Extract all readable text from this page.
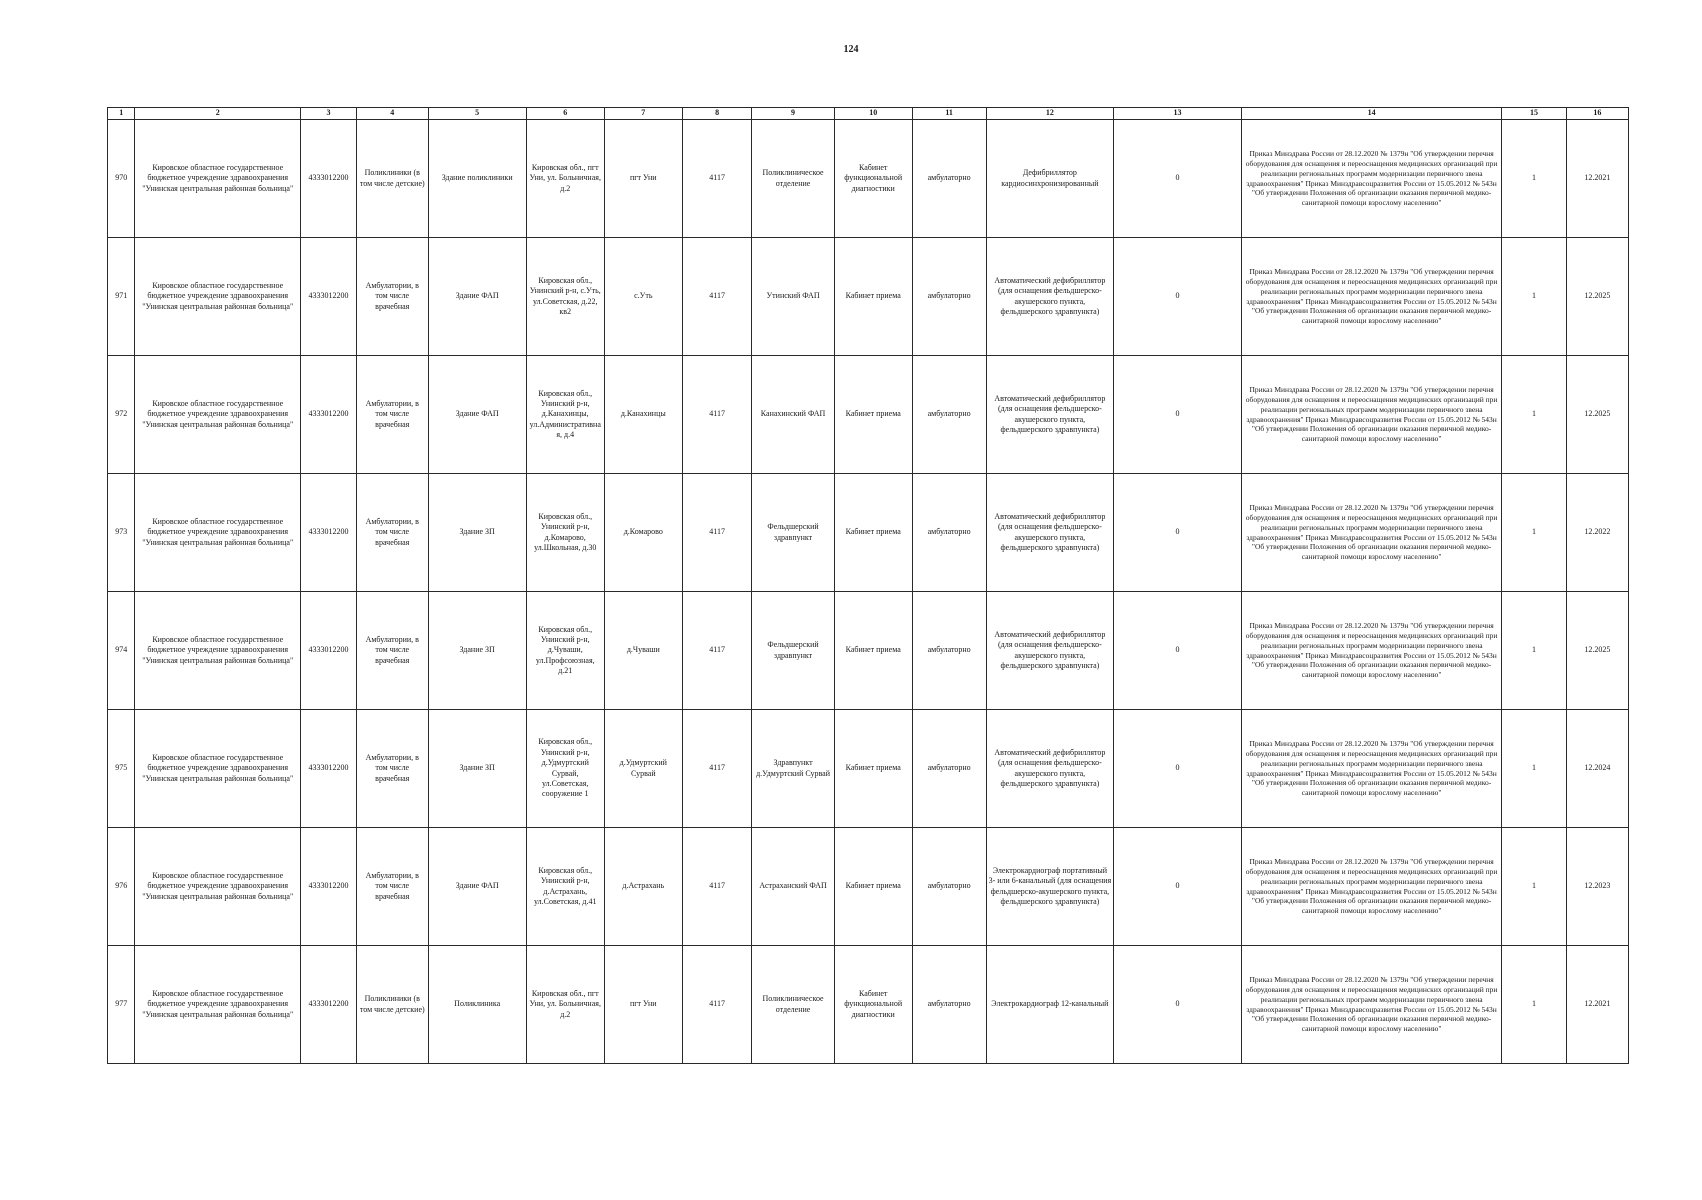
124
1	2	3	4	5	6	7	8	9	10	11	12	13	14	15	16
970	Кировское областное государственное бюджетное учреждение здравоохранения "Унинская центральная районная больница"	4333012200	Поликлиники (в том числе детские)	Здание поликлиники	Кировская обл., пгт Уни, ул. Больничная, д.2	пгт Уни	4117	Поликлиническое отделение	Кабинет функциональной диагностики	амбулаторно	Дефибриллятор кардиосинхронизированный	0	Приказ Минздрава России от 28.12.2020 № 1379н "Об утверждении перечня оборудования для оснащения и переоснащения медицинских организаций при реализации региональных программ модернизации первичного звена здравоохранения" Приказ Минздравсоцразвития России от 15.05.2012 № 543н "Об утверждении Положения об организации оказания первичной медико-санитарной помощи взрослому населению"	1	12.2021
971	Кировское областное государственное бюджетное учреждение здравоохранения "Унинская центральная районная больница"	4333012200	Амбулатории, в том числе врачебная	Здание ФАП	Кировская обл., Унинский р-н, с.Уть, ул.Советская, д.22, кв2	с.Уть	4117	Утинский ФАП	Кабинет приема	амбулаторно	Автоматический дефибриллятор (для оснащения фельдшерско-акушерского пункта, фельдшерского здравпункта)	0	Приказ Минздрава России от 28.12.2020 № 1379н "Об утверждении перечня оборудования для оснащения и переоснащения медицинских организаций при реализации региональных программ модернизации первичного звена здравоохранения" Приказ Минздравсоцразвития России от 15.05.2012 № 543н "Об утверждении Положения об организации оказания первичной медико-санитарной помощи взрослому населению"	1	12.2025
972	Кировское областное государственное бюджетное учреждение здравоохранения "Унинская центральная районная больница"	4333012200	Амбулатории, в том числе врачебная	Здание ФАП	Кировская обл., Унинский р-н, д.Канахинцы, ул.Административная, д.4	д.Канахинцы	4117	Канахинский ФАП	Кабинет приема	амбулаторно	Автоматический дефибриллятор (для оснащения фельдшерско-акушерского пункта, фельдшерского здравпункта)	0	Приказ Минздрава России от 28.12.2020 № 1379н "Об утверждении перечня оборудования для оснащения и переоснащения медицинских организаций при реализации региональных программ модернизации первичного звена здравоохранения" Приказ Минздравсоцразвития России от 15.05.2012 № 543н "Об утверждении Положения об организации оказания первичной медико-санитарной помощи взрослому населению"	1	12.2025
973	Кировское областное государственное бюджетное учреждение здравоохранения "Унинская центральная районная больница"	4333012200	Амбулатории, в том числе врачебная	Здание ЗП	Кировская обл., Унинский р-н, д.Комарово, ул.Школьная, д.30	д.Комарово	4117	Фельдшерский здравпункт	Кабинет приема	амбулаторно	Автоматический дефибриллятор (для оснащения фельдшерско-акушерского пункта, фельдшерского здравпункта)	0	Приказ Минздрава России от 28.12.2020 № 1379н "Об утверждении перечня оборудования для оснащения и переоснащения медицинских организаций при реализации региональных программ модернизации первичного звена здравоохранения" Приказ Минздравсоцразвития России от 15.05.2012 № 543н "Об утверждении Положения об организации оказания первичной медико-санитарной помощи взрослому населению"	1	12.2022
974	Кировское областное государственное бюджетное учреждение здравоохранения "Унинская центральная районная больница"	4333012200	Амбулатории, в том числе врачебная	Здание ЗП	Кировская обл., Унинский р-н, д.Чуваши, ул.Профсоюзная, д.21	д.Чуваши	4117	Фельдшерский здравпункт	Кабинет приема	амбулаторно	Автоматический дефибриллятор (для оснащения фельдшерско-акушерского пункта, фельдшерского здравпункта)	0	Приказ Минздрава России от 28.12.2020 № 1379н "Об утверждении перечня оборудования для оснащения и переоснащения медицинских организаций при реализации региональных программ модернизации первичного звена здравоохранения" Приказ Минздравсоцразвития России от 15.05.2012 № 543н "Об утверждении Положения об организации оказания первичной медико-санитарной помощи взрослому населению"	1	12.2025
975	Кировское областное государственное бюджетное учреждение здравоохранения "Унинская центральная районная больница"	4333012200	Амбулатории, в том числе врачебная	Здание ЗП	Кировская обл., Унинский р-н, д.Удмуртский Сурвай, ул.Советская, сооружение 1	д.Удмуртский Сурвай	4117	Здравпункт д.Удмуртский Сурвай	Кабинет приема	амбулаторно	Автоматический дефибриллятор (для оснащения фельдшерско-акушерского пункта, фельдшерского здравпункта)	0	Приказ Минздрава России от 28.12.2020 № 1379н "Об утверждении перечня оборудования для оснащения и переоснащения медицинских организаций при реализации региональных программ модернизации первичного звена здравоохранения" Приказ Минздравсоцразвития России от 15.05.2012 № 543н "Об утверждении Положения об организации оказания первичной медико-санитарной помощи взрослому населению"	1	12.2024
976	Кировское областное государственное бюджетное учреждение здравоохранения "Унинская центральная районная больница"	4333012200	Амбулатории, в том числе врачебная	Здание ФАП	Кировская обл., Унинский р-н, д.Астрахань, ул.Советская, д.41	д.Астрахань	4117	Астраханский ФАП	Кабинет приема	амбулаторно	Электрокардиограф портативный 3- или 6-канальный (для оснащения фельдшерско-акушерского пункта, фельдшерского здравпункта)	0	Приказ Минздрава России от 28.12.2020 № 1379н "Об утверждении перечня оборудования для оснащения и переоснащения медицинских организаций при реализации региональных программ модернизации первичного звена здравоохранения" Приказ Минздравсоцразвития России от 15.05.2012 № 543н "Об утверждении Положения об организации оказания первичной медико-санитарной помощи взрослому населению"	1	12.2023
977	Кировское областное государственное бюджетное учреждение здравоохранения "Унинская центральная районная больница"	4333012200	Поликлиники (в том числе детские)	Поликлиника	Кировская обл., пгт Уни, ул. Больничная, д.2	пгт Уни	4117	Поликлиническое отделение	Кабинет функциональной диагностики	амбулаторно	Электрокардиограф 12-канальный	0	Приказ Минздрава России от 28.12.2020 № 1379н "Об утверждении перечня оборудования для оснащения и переоснащения медицинских организаций при реализации региональных программ модернизации первичного звена здравоохранения" Приказ Минздравсоцразвития России от 15.05.2012 № 543н "Об утверждении Положения об организации оказания первичной медико-санитарной помощи взрослому населению"	1	12.2021
